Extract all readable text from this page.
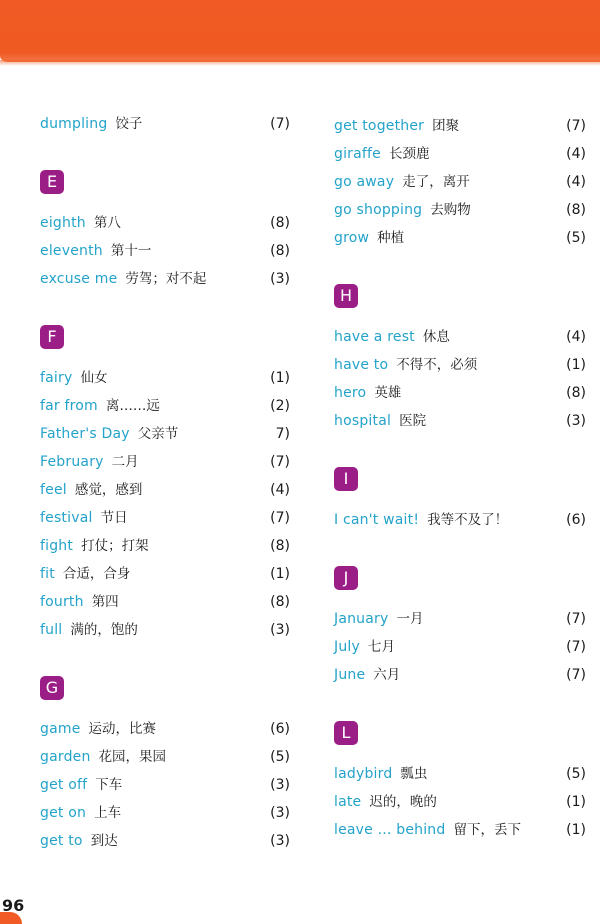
dumpling 饺子	(7)
E
eighth 第八	(8)
eleventh 第十一	(8)
excuse me 劳驾；对不起	(3)
F
fairy 仙女	(1)
far from 离……远	(2)
Father's Day 父亲节	7)
February 二月	(7)
feel 感觉，感到	(4)
festival 节日	(7)
fight 打仗；打架	(8)
fit 合适，合身	(1)
fourth 第四	(8)
full 满的，饱的	(3)
G
game 运动，比赛	(6)
garden 花园，果园	(5)
get off 下车	(3)
get on 上车	(3)
get to 到达	(3)
get together 团聚	(7)
giraffe 长颈鹿	(4)
go away 走了，离开	(4)
go shopping 去购物	(8)
grow 种植	(5)
H
have a rest 休息	(4)
have to 不得不，必须	(1)
hero 英雄	(8)
hospital 医院	(3)
I
I can't wait! 我等不及了！	(6)
J
January 一月	(7)
July 七月	(7)
June 六月	(7)
L
ladybird 瓢虫	(5)
late 迟的，晚的	(1)
leave ... behind 留下，丢下	(1)
96
